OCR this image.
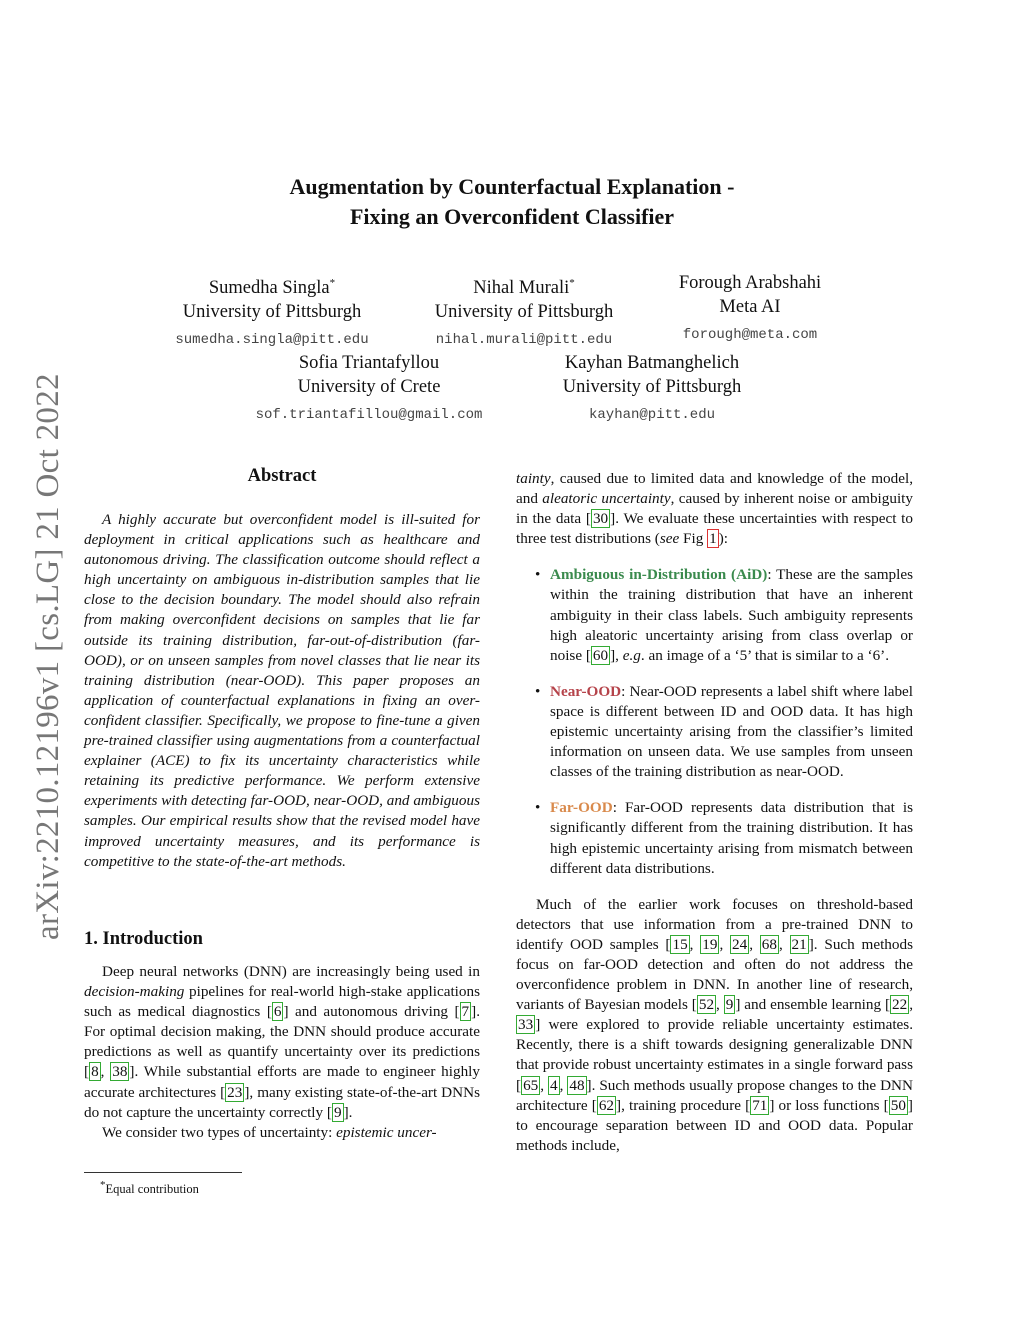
arXiv:2210.12196v1 [cs.LG] 21 Oct 2022
Augmentation by Counterfactual Explanation -
Fixing an Overconfident Classifier
Sumedha Singla*
University of Pittsburgh
sumedha.singla@pitt.edu
Nihal Murali*
University of Pittsburgh
nihal.murali@pitt.edu
Forough Arabshahi
Meta AI
forough@meta.com
Sofia Triantafyllou
University of Crete
sof.triantafillou@gmail.com
Kayhan Batmanghelich
University of Pittsburgh
kayhan@pitt.edu
Abstract
A highly accurate but overconfident model is ill-suited for deployment in critical applications such as healthcare and autonomous driving. The classification outcome should reflect a high uncertainty on ambiguous in-distribution samples that lie close to the decision boundary. The model should also refrain from making overconfident decisions on samples that lie far outside its training distribution, far-out-of-distribution (far-OOD), or on unseen samples from novel classes that lie near its training distribution (near-OOD). This paper proposes an application of counterfactual explanations in fixing an over-confident classifier. Specifically, we propose to fine-tune a given pre-trained classifier using augmentations from a counterfactual explainer (ACE) to fix its uncertainty characteristics while retaining its predictive performance. We perform extensive experiments with detecting far-OOD, near-OOD, and ambiguous samples. Our empirical results show that the revised model have improved uncertainty measures, and its performance is competitive to the state-of-the-art methods.
1. Introduction

Deep neural networks (DNN) are increasingly being used in decision-making pipelines for real-world high-stake applications such as medical diagnostics [ 6 ] and autonomous driving [ 7 ]. For optimal decision making, the DNN should produce accurate predictions as well as quantify uncertainty over its predictions [ 8 , 38 ]. While substantial efforts are made to engineer highly accurate architectures [ 23 ], many existing state-of-the-art DNNs do not capture the uncertainty correctly [ 9 ].

We consider two types of uncertainty: epistemic uncer-

tainty, caused due to limited data and knowledge of the model, and aleatoric uncertainty, caused by inherent noise or ambiguity in the data [ 30 ]. We evaluate these uncertainties with respect to three test distributions (see Fig 1 ):

• Ambiguous in-Distribution (AiD): These are the samples within the training distribution that have an inherent ambiguity in their class labels. Such ambiguity represents high aleatoric uncertainty arising from class overlap or noise [ 60 ], e.g. an image of a ‘5’ that is similar to a ‘6’.
• Near-OOD: Near-OOD represents a label shift where label space is different between ID and OOD data. It has high epistemic uncertainty arising from the classifier’s limited information on unseen data. We use samples from unseen classes of the training distribution as near-OOD.
• Far-OOD: Far-OOD represents data distribution that is significantly different from the training distribution. It has high epistemic uncertainty arising from mismatch between different data distributions.

Much of the earlier work focuses on threshold-based detectors that use information from a pre-trained DNN to identify OOD samples [ 15 , 19 , 24 , 68 , 21 ]. Such methods focus on far-OOD detection and often do not address the overconfidence problem in DNN. In another line of research, variants of Bayesian models [ 52 , 9 ] and ensemble learning [ 22 , 33 ] were explored to provide reliable uncertainty estimates. Recently, there is a shift towards designing generalizable DNN that provide robust uncertainty estimates in a single forward pass [ 65 , 4 , 48 ]. Such methods usually propose changes to the DNN architecture [ 62 ], training procedure [ 71 ] or loss functions [ 50 ] to encourage separation between ID and OOD data. Popular methods include,

*Equal contribution
